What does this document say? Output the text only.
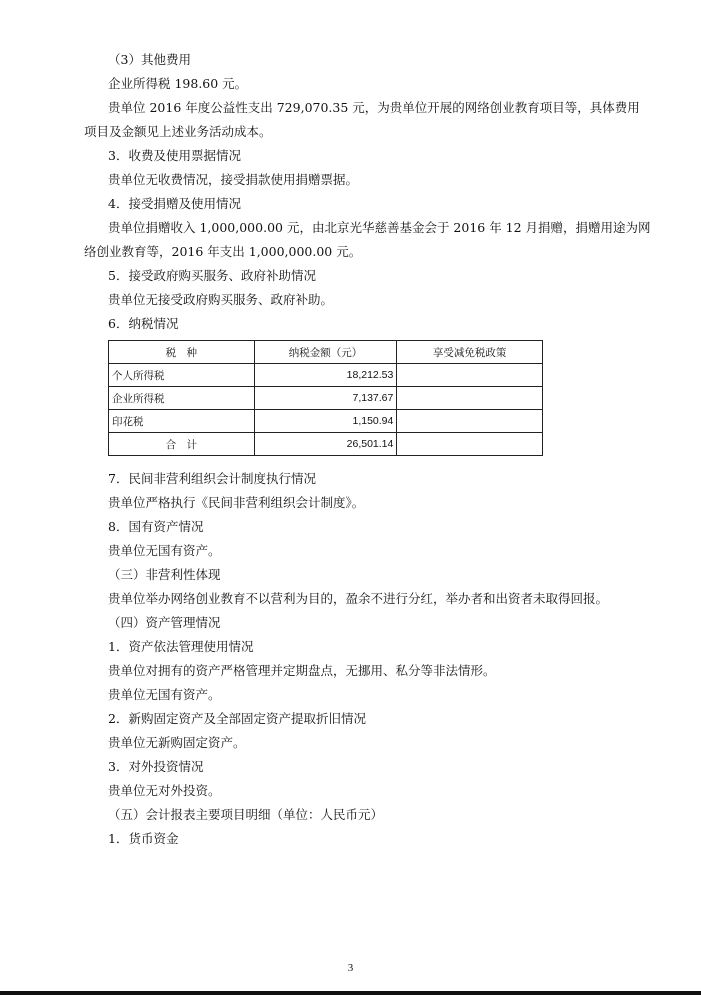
（3）其他费用
企业所得税 198.60 元。
贵单位 2016 年度公益性支出 729,070.35 元，为贵单位开展的网络创业教育项目等，具体费用
项目及金额见上述业务活动成本。
3．收费及使用票据情况
贵单位无收费情况，接受捐款使用捐赠票据。
4．接受捐赠及使用情况
贵单位捐赠收入 1,000,000.00 元，由北京光华慈善基金会于 2016 年 12 月捐赠，捐赠用途为网
络创业教育等，2016 年支出 1,000,000.00 元。
5．接受政府购买服务、政府补助情况
贵单位无接受政府购买服务、政府补助。
6．纳税情况
税　种	纳税金额（元）	享受减免税政策
个人所得税	18,212.53	
企业所得税	7,137.67	
印花税	1,150.94	
合　计	26,501.14	
7．民间非营利组织会计制度执行情况
贵单位严格执行《民间非营利组织会计制度》。
8．国有资产情况
贵单位无国有资产。
（三）非营利性体现
贵单位举办网络创业教育不以营利为目的，盈余不进行分红，举办者和出资者未取得回报。
（四）资产管理情况
1．资产依法管理使用情况
贵单位对拥有的资产严格管理并定期盘点，无挪用、私分等非法情形。
贵单位无国有资产。
2．新购固定资产及全部固定资产提取折旧情况
贵单位无新购固定资产。
3．对外投资情况
贵单位无对外投资。
（五）会计报表主要项目明细（单位：人民币元）
1．货币资金
3
